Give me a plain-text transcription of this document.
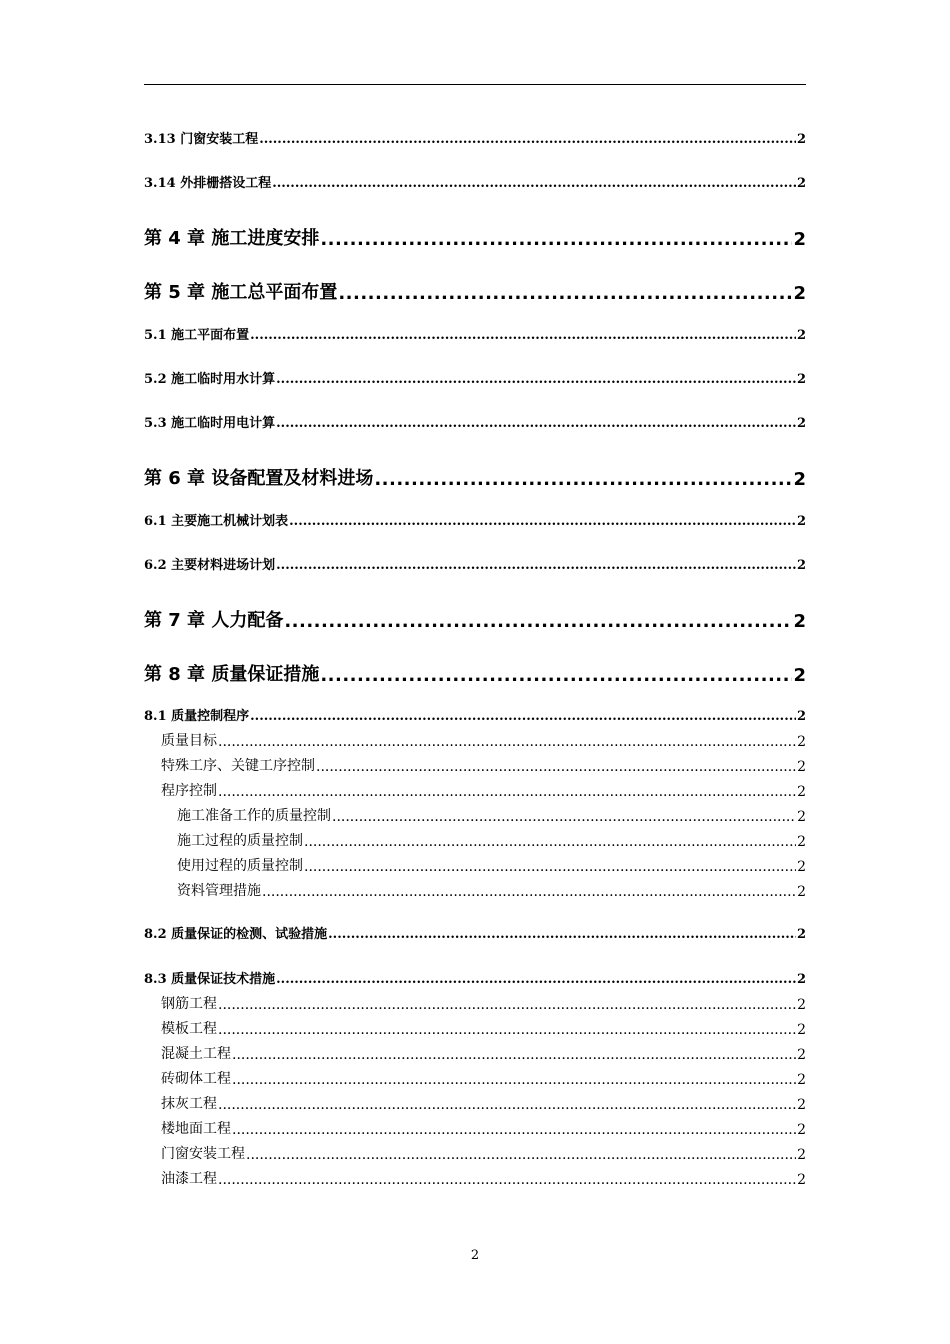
3.13 门窗安装工程 .....	2
3.14 外排栅搭设工程 .....	2
第 4 章 施工进度安排 .....	2
第 5 章 施工总平面布置 .....	2
5.1 施工平面布置 .....	2
5.2 施工临时用水计算 .....	2
5.3 施工临时用电计算 .....	2
第 6 章 设备配置及材料进场 .....	2
6.1 主要施工机械计划表 .....	2
6.2 主要材料进场计划 .....	2
第 7 章 人力配备 .....	2
第 8 章 质量保证措施 .....	2
8.1 质量控制程序 .....	2
质量目标 .....	2
特殊工序、关键工序控制 .....	2
程序控制 .....	2
施工准备工作的质量控制 .....	2
施工过程的质量控制 .....	2
使用过程的质量控制 .....	2
资料管理措施 .....	2
8.2 质量保证的检测、试验措施 .....	2
8.3 质量保证技术措施 .....	2
钢筋工程 .....	2
模板工程 .....	2
混凝土工程 .....	2
砖砌体工程 .....	2
抹灰工程 .....	2
楼地面工程 .....	2
门窗安装工程 .....	2
油漆工程 .....	2
2
